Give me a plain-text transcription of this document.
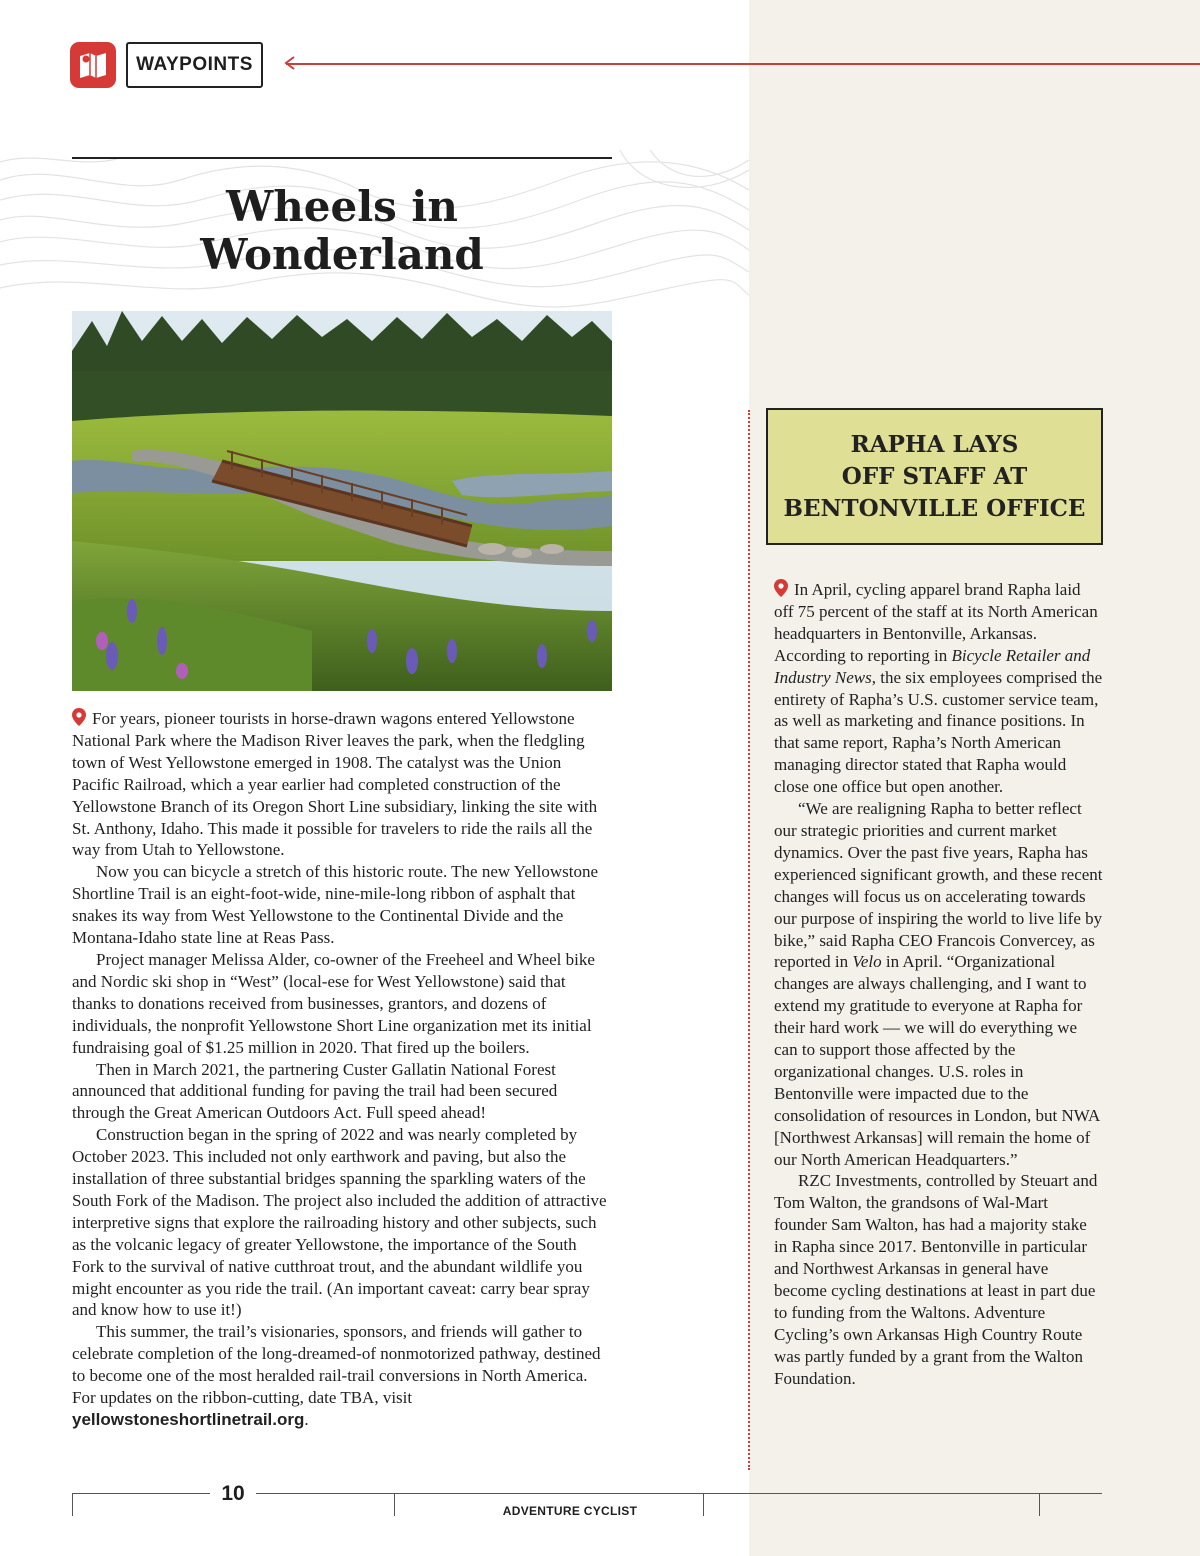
WAYPOINTS
Wheels in
Wonderland

For years, pioneer tourists in horse-drawn wagons entered Yellowstone National Park where the Madison River leaves the park, when the fledgling town of West Yellowstone emerged in 1908. The catalyst was the Union Pacific Railroad, which a year earlier had completed construction of the Yellowstone Branch of its Oregon Short Line subsidiary, linking the site with St. Anthony, Idaho. This made it possible for travelers to ride the rails all the way from Utah to Yellowstone.

Now you can bicycle a stretch of this historic route. The new Yellowstone Shortline Trail is an eight-foot-wide, nine-mile-long ribbon of asphalt that snakes its way from West Yellowstone to the Continental Divide and the Montana-Idaho state line at Reas Pass.

Project manager Melissa Alder, co-owner of the Freeheel and Wheel bike and Nordic ski shop in “West” (local-ese for West Yellowstone) said that thanks to donations received from businesses, grantors, and dozens of individuals, the nonprofit Yellowstone Short Line organization met its initial fundraising goal of $1.25 million in 2020. That fired up the boilers.

Then in March 2021, the partnering Custer Gallatin National Forest announced that additional funding for paving the trail had been secured through the Great American Outdoors Act. Full speed ahead!

Construction began in the spring of 2022 and was nearly completed by October 2023. This included not only earthwork and paving, but also the installation of three substantial bridges spanning the sparkling waters of the South Fork of the Madison. The project also included the addition of attractive interpretive signs that explore the railroading history and other subjects, such as the volcanic legacy of greater Yellowstone, the importance of the South Fork to the survival of native cutthroat trout, and the abundant wildlife you might encounter as you ride the trail. (An important caveat: carry bear spray and know how to use it!)

This summer, the trail’s visionaries, sponsors, and friends will gather to celebrate completion of the long-dreamed-of nonmotorized pathway, destined to become one of the most heralded rail-trail conversions in North America. For updates on the ribbon-cutting, date TBA, visit yellowstoneshortlinetrail.org.

RAPHA LAYS
OFF STAFF AT
BENTONVILLE OFFICE

In April, cycling apparel brand Rapha laid off 75 percent of the staff at its North American headquarters in Bentonville, Arkansas. According to reporting in Bicycle Retailer and Industry News, the six employees comprised the entirety of Rapha’s U.S. customer service team, as well as marketing and finance positions. In that same report, Rapha’s North American managing director stated that Rapha would close one office but open another.

“We are realigning Rapha to better reflect our strategic priorities and current market dynamics. Over the past five years, Rapha has experienced significant growth, and these recent changes will focus us on accelerating towards our purpose of inspiring the world to live life by bike,” said Rapha CEO Francois Convercey, as reported in Velo in April. “Organizational changes are always challenging, and I want to extend my gratitude to everyone at Rapha for their hard work — we will do everything we can to support those affected by the organizational changes. U.S. roles in Bentonville were impacted due to the consolidation of resources in London, but NWA [Northwest Arkansas] will remain the home of our North American Headquarters.”

RZC Investments, controlled by Steuart and Tom Walton, the grandsons of Wal-Mart founder Sam Walton, has had a majority stake in Rapha since 2017. Bentonville in particular and Northwest Arkansas in general have become cycling destinations at least in part due to funding from the Waltons. Adventure Cycling’s own Arkansas High Country Route was partly funded by a grant from the Walton Foundation.

10
ADVENTURE CYCLIST
